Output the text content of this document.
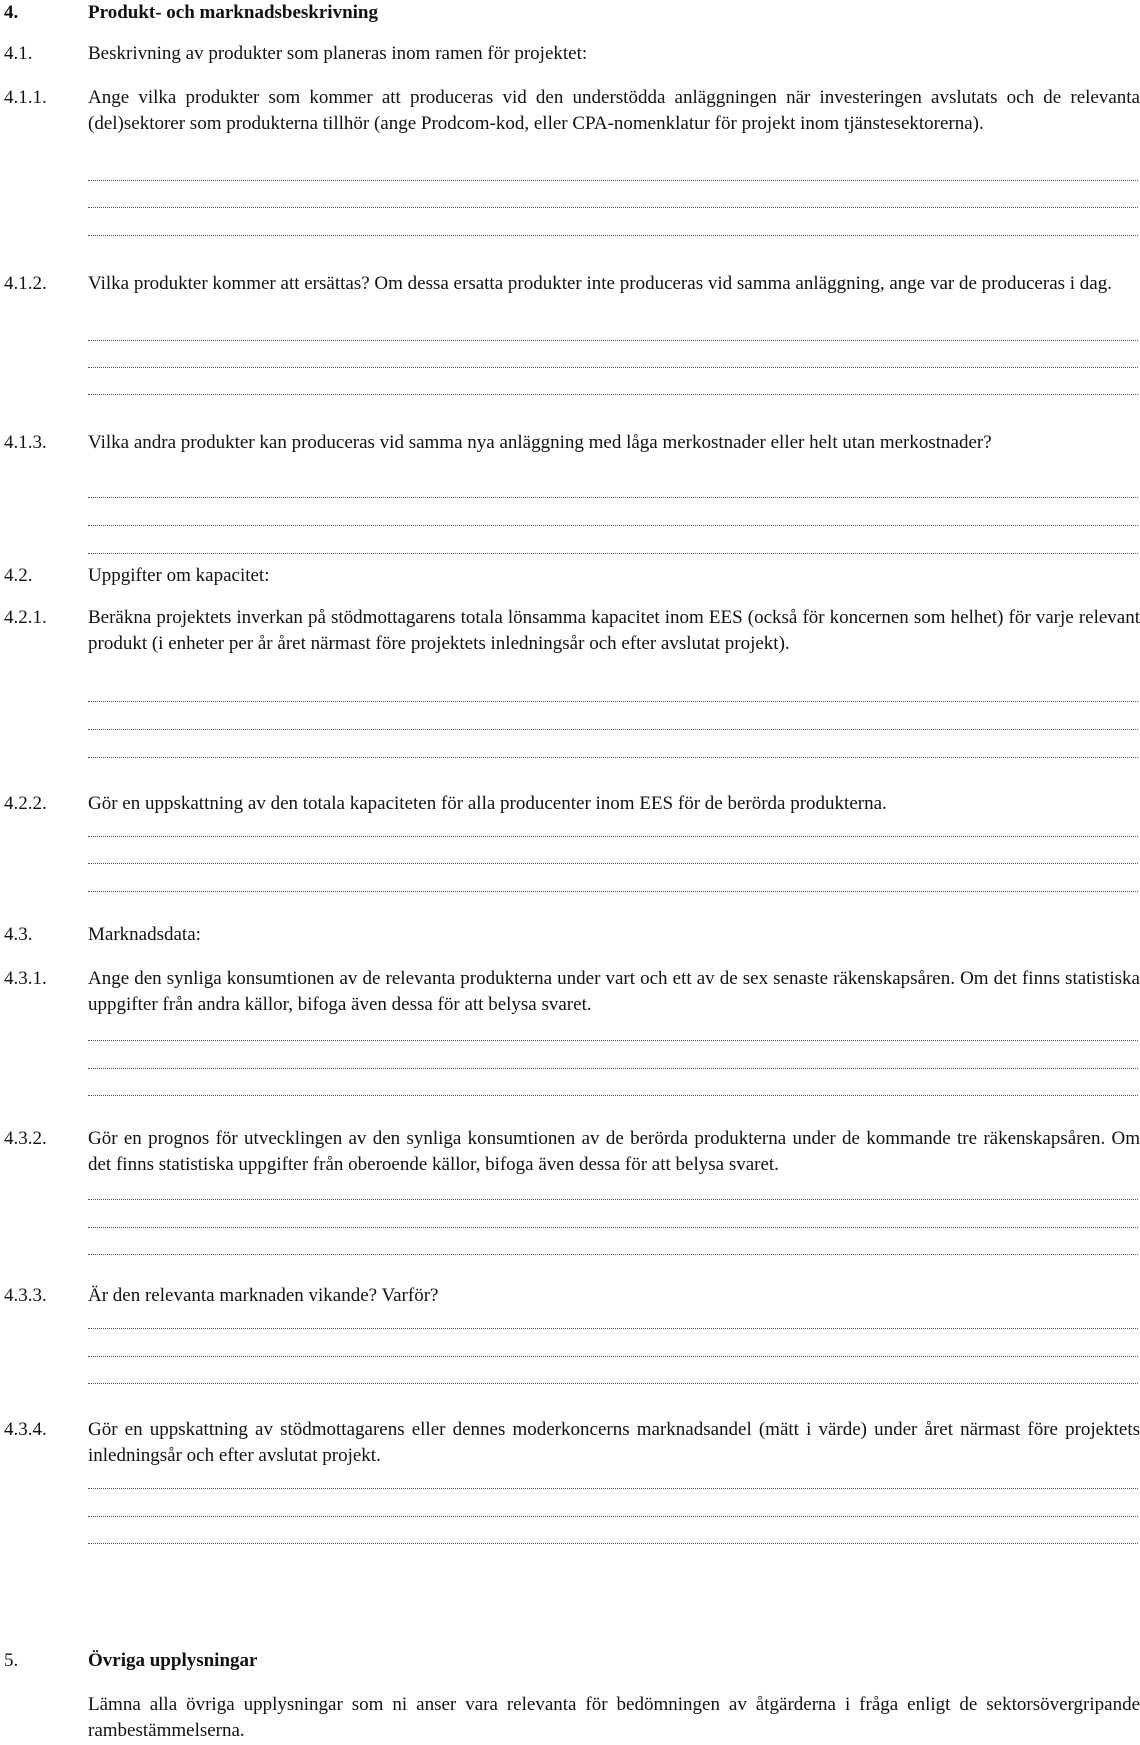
4.	Produkt- och marknadsbeskrivning
4.1.	Beskrivning av produkter som planeras inom ramen för projektet:
4.1.1.	Ange vilka produkter som kommer att produceras vid den understödda anläggningen när investeringen avslutats och de relevanta (del)sektorer som produkterna tillhör (ange Prodcom-kod, eller CPA-nomenklatur för projekt inom tjänstesektorerna).
4.1.2.	Vilka produkter kommer att ersättas? Om dessa ersatta produkter inte produceras vid samma anläggning, ange var de produceras i dag.
4.1.3.	Vilka andra produkter kan produceras vid samma nya anläggning med låga merkostnader eller helt utan merkostnader?
4.2.	Uppgifter om kapacitet:
4.2.1.	Beräkna projektets inverkan på stödmottagarens totala lönsamma kapacitet inom EES (också för koncernen som helhet) för varje relevant produkt (i enheter per år året närmast före projektets inledningsår och efter avslutat projekt).
4.2.2.	Gör en uppskattning av den totala kapaciteten för alla producenter inom EES för de berörda produkterna.
4.3.	Marknadsdata:
4.3.1.	Ange den synliga konsumtionen av de relevanta produkterna under vart och ett av de sex senaste räkenskapsåren. Om det finns statistiska uppgifter från andra källor, bifoga även dessa för att belysa svaret.
4.3.2.	Gör en prognos för utvecklingen av den synliga konsumtionen av de berörda produkterna under de kommande tre räkenskapsåren. Om det finns statistiska uppgifter från oberoende källor, bifoga även dessa för att belysa svaret.
4.3.3.	Är den relevanta marknaden vikande? Varför?
4.3.4.	Gör en uppskattning av stödmottagarens eller dennes moderkoncerns marknadsandel (mätt i värde) under året närmast före projektets inledningsår och efter avslutat projekt.
5.	Övriga upplysningar
Lämna alla övriga upplysningar som ni anser vara relevanta för bedömningen av åtgärderna i fråga enligt de sektorsövergripande rambestämmelserna.
